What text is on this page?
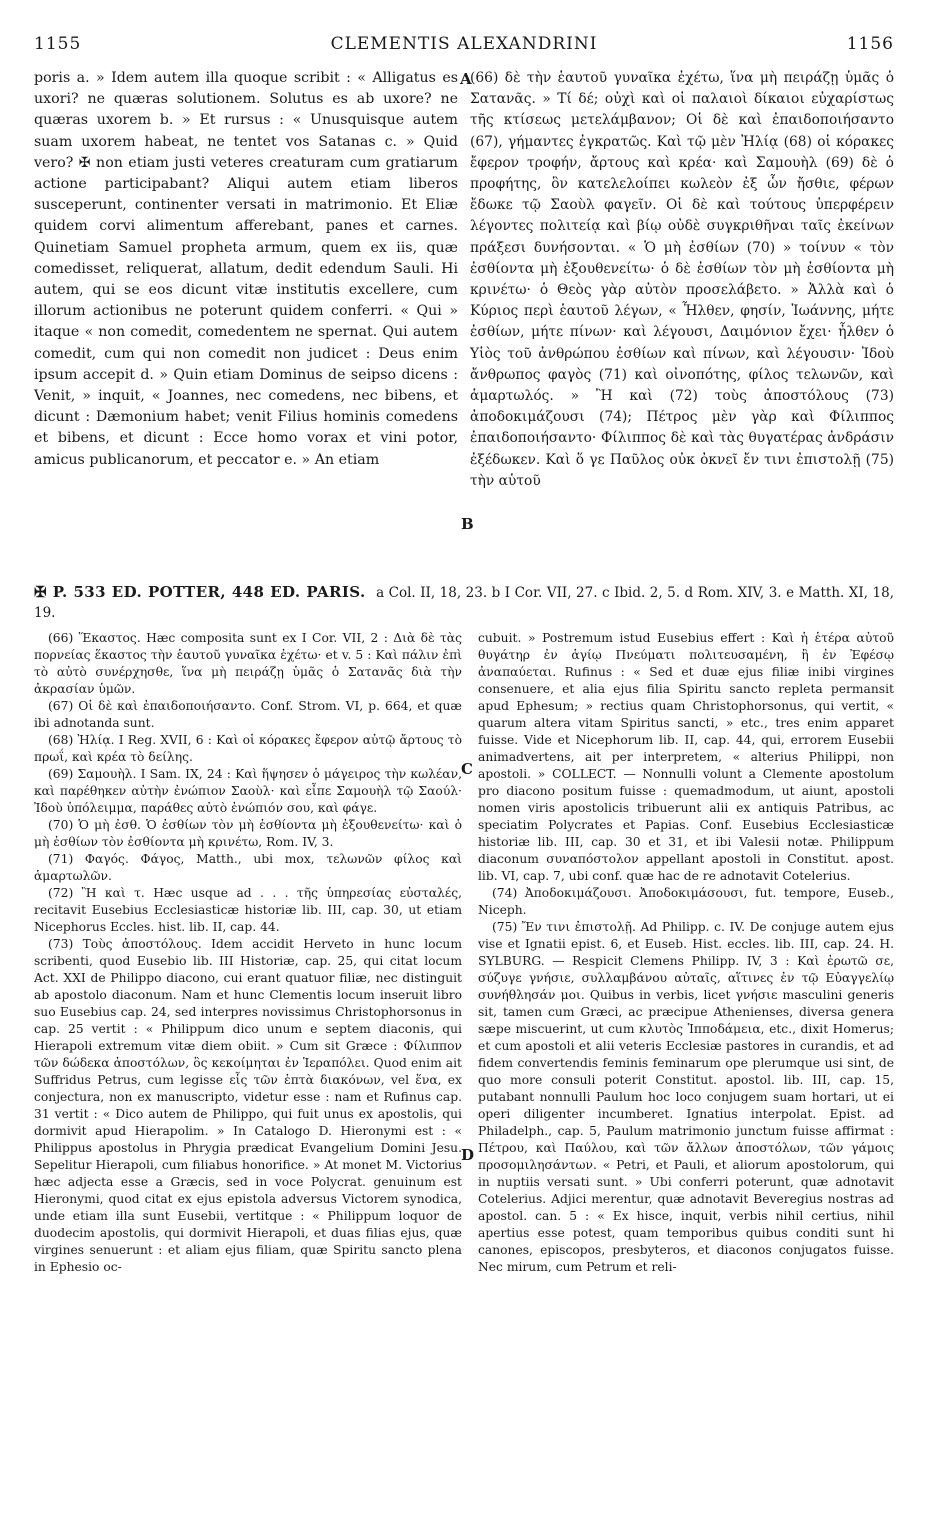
1155	CLEMENTIS ALEXANDRINI	1156

poris a. » Idem autem illa quoque scribit : « Alligatus es uxori? ne quæras solutionem. Solutus es ab uxore? ne quæras uxorem b. » Et rursus : « Unusquisque autem suam uxorem habeat, ne tentet vos Satanas c. » Quid vero? ✠ non etiam justi veteres creaturam cum gratiarum actione participabant? Aliqui autem etiam liberos susceperunt, continenter versati in matrimonio. Et Eliæ quidem corvi alimentum afferebant, panes et carnes. Quinetiam Samuel propheta armum, quem ex iis, quæ comedisset, reliquerat, allatum, dedit edendum Sauli. Hi autem, qui se eos dicunt vitæ institutis excellere, cum illorum actionibus ne poterunt quidem conferri. « Qui » itaque « non comedit, comedentem ne spernat. Qui autem comedit, cum qui non comedit non judicet : Deus enim ipsum accepit d. » Quin etiam Dominus de seipso dicens : Venit, » inquit, « Joannes, nec comedens, nec bibens, et dicunt : Dæmonium habet; venit Filius hominis comedens et bibens, et dicunt : Ecce homo vorax et vini potor, amicus publicanorum, et peccator e. » An etiam

A
B
C
D

(66) δὲ τὴν ἑαυτοῦ γυναῖκα ἐχέτω, ἵνα μὴ πειράζῃ ὑμᾶς ὁ Σατανᾶς. » Τί δέ; οὐχὶ καὶ οἱ παλαιοὶ δίκαιοι εὐχαρίστως τῆς κτίσεως μετελάμβανον; Οἱ δὲ καὶ ἐπαιδοποιήσαντο (67), γήμαντες ἐγκρατῶς. Καὶ τῷ μὲν Ἠλίᾳ (68) οἱ κόρακες ἔφερον τροφήν, ἄρτους καὶ κρέα· καὶ Σαμουὴλ (69) δὲ ὁ προφήτης, ὃν κατελελοίπει κωλεὸν ἐξ ὧν ἤσθιε, φέρων ἔδωκε τῷ Σαοὺλ φαγεῖν. Οἱ δὲ καὶ τούτους ὑπερφέρειν λέγοντες πολιτείᾳ καὶ βίῳ οὐδὲ συγκριθῆναι ταῖς ἐκείνων πράξεσι δυνήσονται. « Ὁ μὴ ἐσθίων (70) » τοίνυν « τὸν ἐσθίοντα μὴ ἐξουθενείτω· ὁ δὲ ἐσθίων τὸν μὴ ἐσθίοντα μὴ κρινέτω· ὁ Θεὸς γὰρ αὐτὸν προσελάβετο. » Ἀλλὰ καὶ ὁ Κύριος περὶ ἑαυτοῦ λέγων, « Ἦλθεν, φησίν, Ἰωάννης, μήτε ἐσθίων, μήτε πίνων· καὶ λέγουσι, Δαιμόνιον ἔχει· ἦλθεν ὁ Υἱὸς τοῦ ἀνθρώπου ἐσθίων καὶ πίνων, καὶ λέγουσιν· Ἰδοὺ ἄνθρωπος φαγὸς (71) καὶ οἰνοπότης, φίλος τελωνῶν, καὶ ἁμαρτωλός. » Ἢ καὶ (72) τοὺς ἀποστόλους (73) ἀποδοκιμάζουσι (74); Πέτρος μὲν γὰρ καὶ Φίλιππος ἐπαιδοποιήσαντο· Φίλιππος δὲ καὶ τὰς θυγατέρας ἀνδράσιν ἐξέδωκεν. Καὶ ὅ γε Παῦλος οὐκ ὀκνεῖ ἔν τινι ἐπιστολῇ (75) τὴν αὑτοῦ

✠ P. 533 ED. POTTER, 448 ED. PARIS. a Col. II, 18, 23. b I Cor. VII, 27. c Ibid. 2, 5. d Rom. XIV, 3. e Matth. XI, 18, 19.

(66) Ἕκαστος. Hæc composita sunt ex I Cor. VII, 2 : Διὰ δὲ τὰς πορνείας ἕκαστος τὴν ἑαυτοῦ γυναῖκα ἐχέτω· et v. 5 : Καὶ πάλιν ἐπὶ τὸ αὐτὸ συνέρχησθε, ἵνα μὴ πειράζῃ ὑμᾶς ὁ Σατανᾶς διὰ τὴν ἀκρασίαν ὑμῶν.

(67) Οἱ δὲ καὶ ἐπαιδοποιήσαντο. Conf. Strom. VI, p. 664, et quæ ibi adnotanda sunt.

(68) Ἠλίᾳ. I Reg. XVII, 6 : Καὶ οἱ κόρακες ἔφερον αὐτῷ ἄρτους τὸ πρωΐ, καὶ κρέα τὸ δείλης.

(69) Σαμουὴλ. I Sam. IX, 24 : Καὶ ἥψησεν ὁ μάγειρος τὴν κωλέαν, καὶ παρέθηκεν αὐτὴν ἐνώπιον Σαοὺλ· καὶ εἶπε Σαμουὴλ τῷ Σαούλ· Ἰδοὺ ὑπόλειμμα, παράθες αὐτὸ ἐνώπιόν σου, καὶ φάγε.

(70) Ὁ μὴ ἐσθ. Ὁ ἐσθίων τὸν μὴ ἐσθίοντα μὴ ἐξουθενείτω· καὶ ὁ μὴ ἐσθίων τὸν ἐσθίοντα μὴ κρινέτω, Rom. IV, 3.

(71) Φαγός. Φάγος, Matth., ubi mox, τελωνῶν φίλος καὶ ἁμαρτωλῶν.

(72) Ἢ καὶ τ. Hæc usque ad . . . τῆς ὑπηρεσίας εὐσταλές, recitavit Eusebius Ecclesiasticæ historiæ lib. III, cap. 30, ut etiam Nicephorus Eccles. hist. lib. II, cap. 44.

(73) Τοὺς ἀποστόλους. Idem accidit Herveto in hunc locum scribenti, quod Eusebio lib. III Historiæ, cap. 25, qui citat locum Act. XXI de Philippo diacono, cui erant quatuor filiæ, nec distinguit ab apostolo diaconum. Nam et hunc Clementis locum inseruit libro suo Eusebius cap. 24, sed interpres novissimus Christophorsonus in cap. 25 vertit : « Philippum dico unum e septem diaconis, qui Hierapoli extremum vitæ diem obiit. » Cum sit Græce : Φίλιππον τῶν δώδεκα ἀποστόλων, ὃς κεκοίμηται ἐν Ἱεραπόλει. Quod enim ait Suffridus Petrus, cum legisse εἷς τῶν ἑπτὰ διακόνων, vel ἕνα, ex conjectura, non ex manuscripto, videtur esse : nam et Rufinus cap. 31 vertit : « Dico autem de Philippo, qui fuit unus ex apostolis, qui dormivit apud Hierapolim. » In Catalogo D. Hieronymi est : « Philippus apostolus in Phrygia prædicat Evangelium Domini Jesu. Sepelitur Hierapoli, cum filiabus honorifice. » At monet M. Victorius hæc adjecta esse a Græcis, sed in voce Polycrat. genuinum est Hieronymi, quod citat ex ejus epistola adversus Victorem synodica, unde etiam illa sunt Eusebii, vertitque : « Philippum loquor de duodecim apostolis, qui dormivit Hierapoli, et duas filias ejus, quæ virgines senuerunt : et aliam ejus filiam, quæ Spiritu sancto plena in Ephesio oc-

cubuit. » Postremum istud Eusebius effert : Καὶ ἡ ἑτέρα αὐτοῦ θυγάτηρ ἐν ἁγίῳ Πνεύματι πολιτευσαμένη, ἣ ἐν Ἐφέσῳ ἀναπαύεται. Rufinus : « Sed et duæ ejus filiæ inibi virgines consenuere, et alia ejus filia Spiritu sancto repleta permansit apud Ephesum; » rectius quam Christophorsonus, qui vertit, « quarum altera vitam Spiritus sancti, » etc., tres enim apparet fuisse. Vide et Nicephorum lib. II, cap. 44, qui, errorem Eusebii animadvertens, ait per interpretem, « alterius Philippi, non apostoli. » COLLECT. — Nonnulli volunt a Clemente apostolum pro diacono positum fuisse : quemadmodum, ut aiunt, apostoli nomen viris apostolicis tribuerunt alii ex antiquis Patribus, ac speciatim Polycrates et Papias. Conf. Eusebius Ecclesiasticæ historiæ lib. III, cap. 30 et 31, et ibi Valesii notæ. Philippum diaconum συναπόστολον appellant apostoli in Constitut. apost. lib. VI, cap. 7, ubi conf. quæ hac de re adnotavit Cotelerius.

(74) Ἀποδοκιμάζουσι. Ἀποδοκιμάσουσι, fut. tempore, Euseb., Niceph.

(75) Ἔν τινι ἐπιστολῇ. Ad Philipp. c. IV. De conjuge autem ejus vise et Ignatii epist. 6, et Euseb. Hist. eccles. lib. III, cap. 24. H. SYLBURG. — Respicit Clemens Philipp. IV, 3 : Καὶ ἐρωτῶ σε, σύζυγε γνήσιε, συλλαμβάνου αὐταῖς, αἵτινες ἐν τῷ Εὐαγγελίῳ συνήθλησάν μοι. Quibus in verbis, licet γνήσιε masculini generis sit, tamen cum Græci, ac præcipue Athenienses, diversa genera sæpe miscuerint, ut cum κλυτὸς Ἱπποδάμεια, etc., dixit Homerus; et cum apostoli et alii veteris Ecclesiæ pastores in curandis, et ad fidem convertendis feminis feminarum ope plerumque usi sint, de quo more consuli poterit Constitut. apostol. lib. III, cap. 15, putabant nonnulli Paulum hoc loco conjugem suam hortari, ut ei operi diligenter incumberet. Ignatius interpolat. Epist. ad Philadelph., cap. 5, Paulum matrimonio junctum fuisse affirmat : Πέτρου, καὶ Παύλου, καὶ τῶν ἄλλων ἀποστόλων, τῶν γάμοις προσομιλησάντων. « Petri, et Pauli, et aliorum apostolorum, qui in nuptiis versati sunt. » Ubi conferri poterunt, quæ adnotavit Cotelerius. Adjici merentur, quæ adnotavit Beveregius nostras ad apostol. can. 5 : « Ex hisce, inquit, verbis nihil certius, nihil apertius esse potest, quam temporibus quibus conditi sunt hi canones, episcopos, presbyteros, et diaconos conjugatos fuisse. Nec mirum, cum Petrum et reli-
